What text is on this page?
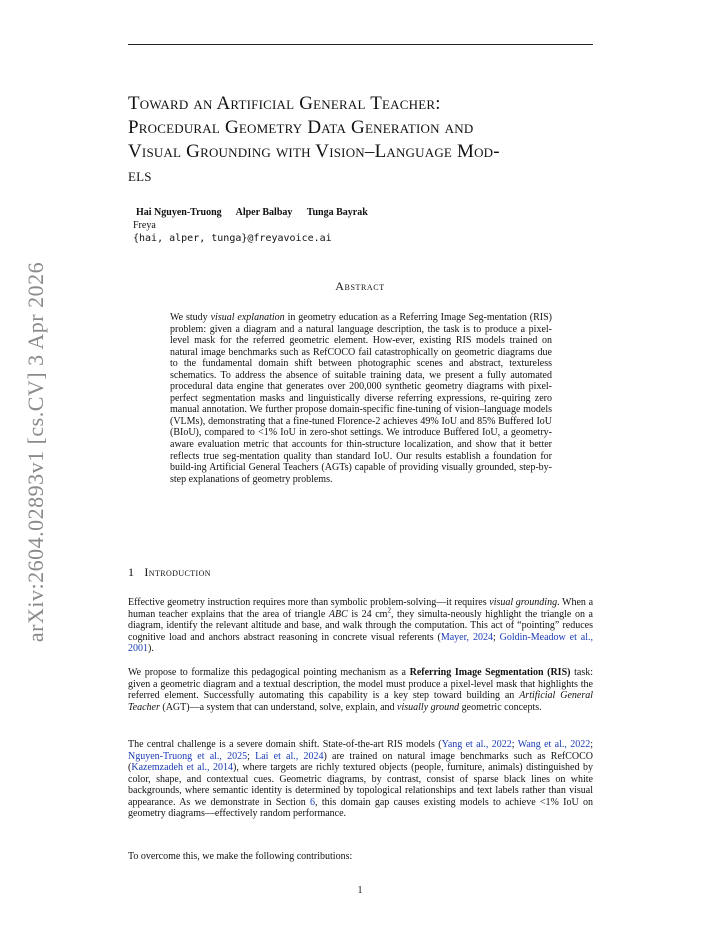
arXiv:2604.02893v1 [cs.CV] 3 Apr 2026
Toward an Artificial General Teacher:
Procedural Geometry Data Generation and
Visual Grounding with Vision–Language Mod-
els
Hai Nguyen-Truong Alper Balbay Tunga Bayrak
Freya
{hai, alper, tunga}@freyavoice.ai
Abstract
We study visual explanation in geometry education as a Referring Image Seg-mentation (RIS) problem: given a diagram and a natural language description, the task is to produce a pixel-level mask for the referred geometric element. How-ever, existing RIS models trained on natural image benchmarks such as RefCOCO fail catastrophically on geometric diagrams due to the fundamental domain shift between photographic scenes and abstract, textureless schematics. To address the absence of suitable training data, we present a fully automated procedural data engine that generates over 200,000 synthetic geometry diagrams with pixel-perfect segmentation masks and linguistically diverse referring expressions, re-quiring zero manual annotation. We further propose domain-specific fine-tuning of vision–language models (VLMs), demonstrating that a fine-tuned Florence-2 achieves 49% IoU and 85% Buffered IoU (BIoU), compared to <1% IoU in zero-shot settings. We introduce Buffered IoU, a geometry-aware evaluation metric that accounts for thin-structure localization, and show that it better reflects true seg-mentation quality than standard IoU. Our results establish a foundation for build-ing Artificial General Teachers (AGTs) capable of providing visually grounded, step-by-step explanations of geometry problems.
1 Introduction
Effective geometry instruction requires more than symbolic problem-solving—it requires visual grounding. When a human teacher explains that the area of triangle ABC is 24 $cm^2$, they simulta-neously highlight the triangle on a diagram, identify the relevant altitude and base, and walk through the computation. This act of “pointing” reduces cognitive load and anchors abstract reasoning in concrete visual referents (Mayer, 2024; Goldin-Meadow et al., 2001).
We propose to formalize this pedagogical pointing mechanism as a Referring Image Segmentation (RIS) task: given a geometric diagram and a textual description, the model must produce a pixel-level mask that highlights the referred element. Successfully automating this capability is a key step toward building an Artificial General Teacher (AGT)—a system that can understand, solve, explain, and visually ground geometric concepts.
The central challenge is a severe domain shift. State-of-the-art RIS models (Yang et al., 2022; Wang et al., 2022; Nguyen-Truong et al., 2025; Lai et al., 2024) are trained on natural image benchmarks such as RefCOCO (Kazemzadeh et al., 2014), where targets are richly textured objects (people, furniture, animals) distinguished by color, shape, and contextual cues. Geometric diagrams, by contrast, consist of sparse black lines on white backgrounds, where semantic identity is determined by topological relationships and text labels rather than visual appearance. As we demonstrate in Section 6, this domain gap causes existing models to achieve <1% IoU on geometry diagrams—effectively random performance.
To overcome this, we make the following contributions:
1
